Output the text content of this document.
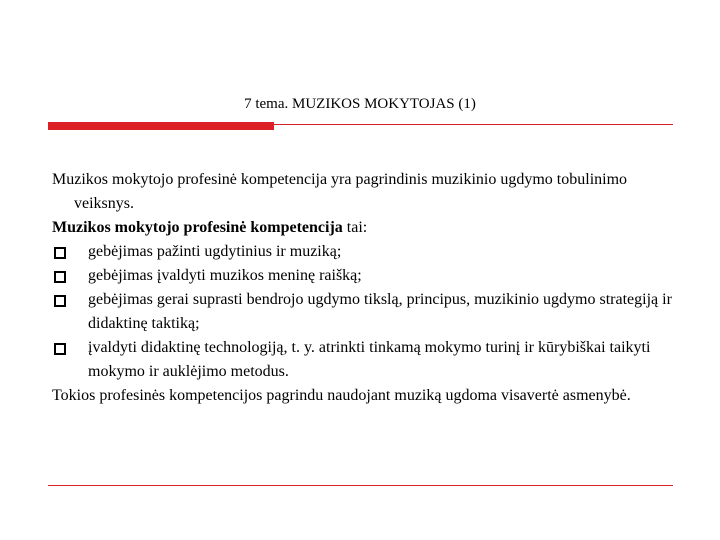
7 tema. MUZIKOS MOKYTOJAS (1)

Muzikos mokytojo profesinė kompetencija yra pagrindinis muzikinio ugdymo tobulinimo veiksnys.

Muzikos mokytojo profesinė kompetencija tai:

gebėjimas pažinti ugdytinius ir muziką;

gebėjimas įvaldyti muzikos meninę raišką;

gebėjimas gerai suprasti bendrojo ugdymo tikslą, principus, muzikinio ugdymo strategiją ir didaktinę taktiką;

įvaldyti didaktinę technologiją, t. y. atrinkti tinkamą mokymo turinį ir kūrybiškai taikyti mokymo ir auklėjimo metodus.

Tokios profesinės kompetencijos pagrindu naudojant muziką ugdoma visavertė asmenybė.
